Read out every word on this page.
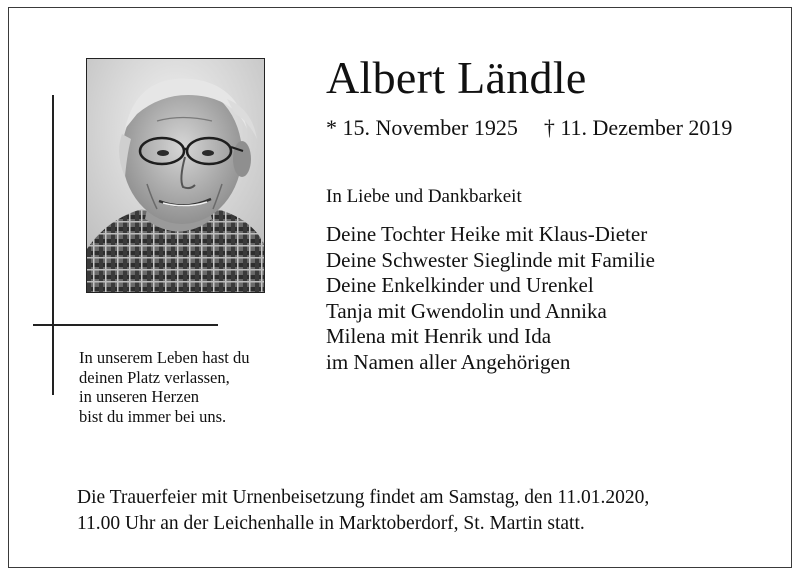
Albert Ländle
* 15. November 1925 † 11. Dezember 2019
In Liebe und Dankbarkeit
Deine Tochter Heike mit Klaus-Dieter
Deine Schwester Sieglinde mit Familie
Deine Enkelkinder und Urenkel
Tanja mit Gwendolin und Annika
Milena mit Henrik und Ida
im Namen aller Angehörigen
In unserem Leben hast du
deinen Platz verlassen,
in unseren Herzen
bist du immer bei uns.
Die Trauerfeier mit Urnenbeisetzung findet am Samstag, den 11.01.2020,
11.00 Uhr an der Leichenhalle in Marktoberdorf, St. Martin statt.
